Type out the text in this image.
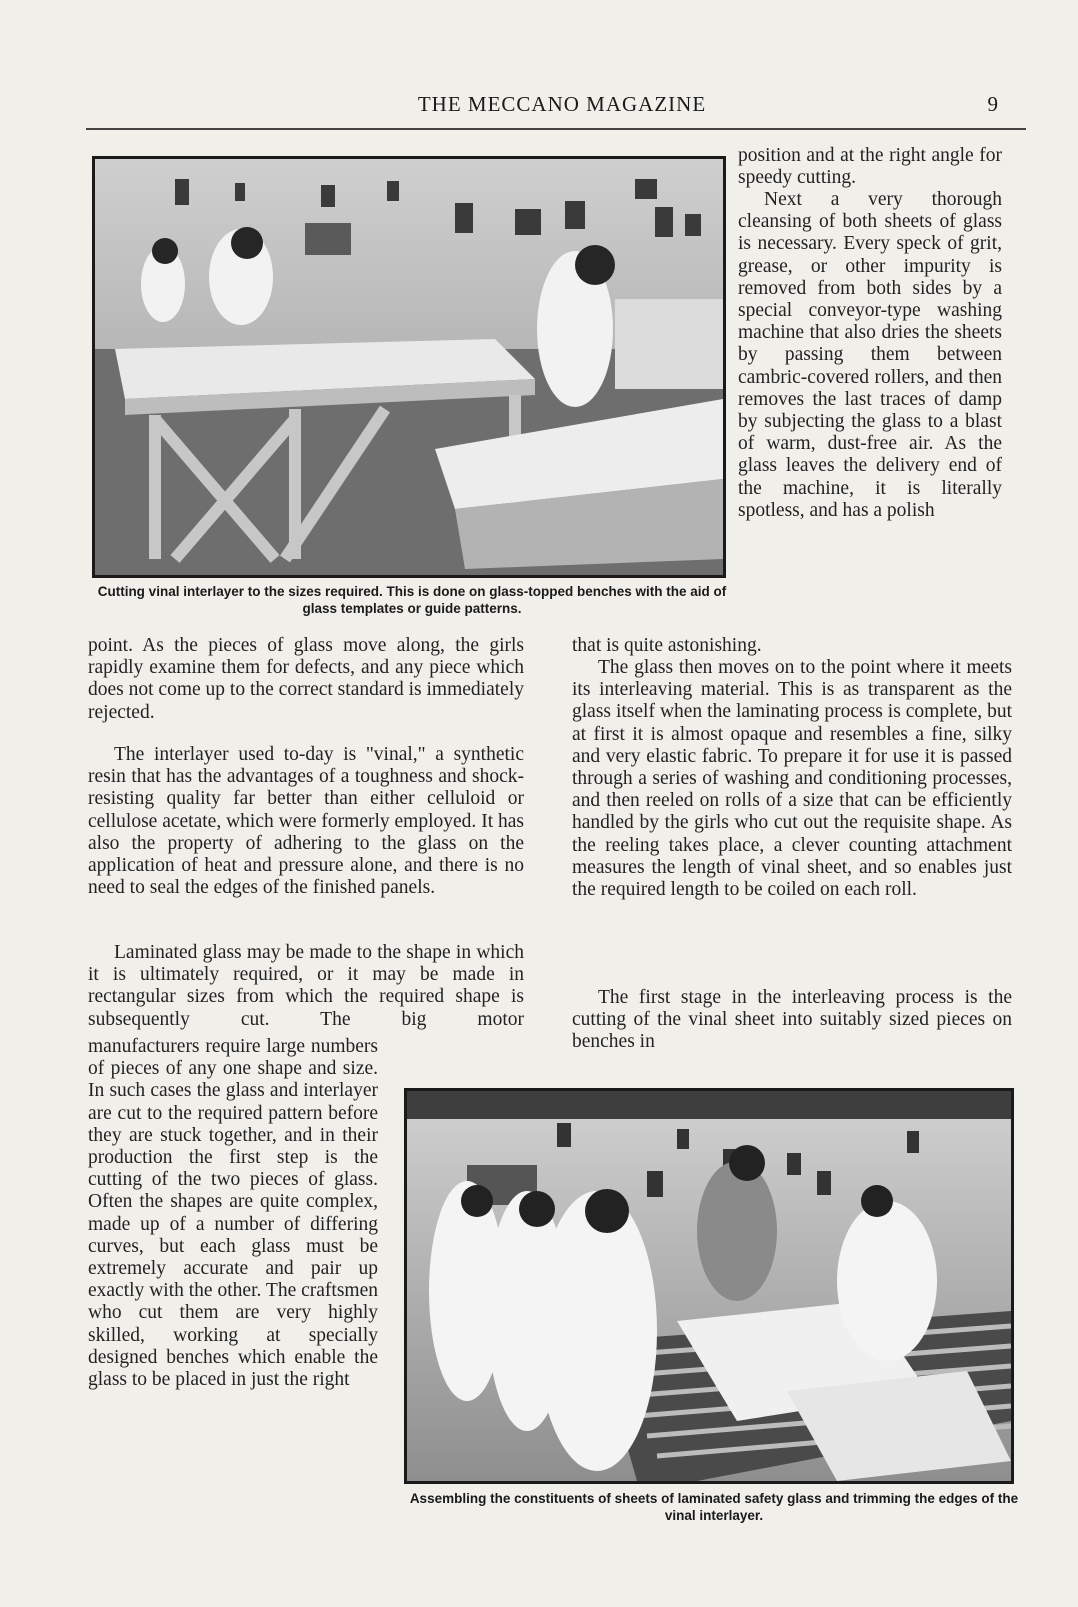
THE MECCANO MAGAZINE	9
Cutting vinal interlayer to the sizes required. This is done on glass-topped benches with the aid of glass templates or guide patterns.

position and at the right angle for speedy cutting.

Next a very thorough cleansing of both sheets of glass is necessary. Every speck of grit, grease, or other impurity is removed from both sides by a special conveyor-type washing machine that also dries the sheets by passing them between cambric-covered rollers, and then removes the last traces of damp by subjecting the glass to a blast of warm, dust-free air. As the glass leaves the delivery end of the machine, it is literally spotless, and has a polish

point. As the pieces of glass move along, the girls rapidly examine them for defects, and any piece which does not come up to the correct standard is immediately rejected.

The interlayer used to-day is "vinal," a synthetic resin that has the advantages of a toughness and shock-resisting quality far better than either celluloid or cellulose acetate, which were formerly employed. It has also the property of adhering to the glass on the application of heat and pressure alone, and there is no need to seal the edges of the finished panels.

Laminated glass may be made to the shape in which it is ultimately required, or it may be made in rectangular sizes from which the required shape is subsequently cut. The big motor

that is quite astonishing.

The glass then moves on to the point where it meets its interleaving material. This is as transparent as the glass itself when the laminating process is complete, but at first it is almost opaque and resembles a fine, silky and very elastic fabric. To prepare it for use it is passed through a series of washing and conditioning processes, and then reeled on rolls of a size that can be efficiently handled by the girls who cut out the requisite shape. As the reeling takes place, a clever counting attachment measures the length of vinal sheet, and so enables just the required length to be coiled on each roll.

The first stage in the interleaving process is the cutting of the vinal sheet into suitably sized pieces on benches in

Assembling the constituents of sheets of laminated safety glass and trimming the edges of the vinal interlayer.

manufacturers require large numbers of pieces of any one shape and size. In such cases the glass and interlayer are cut to the required pattern before they are stuck together, and in their production the first step is the cutting of the two pieces of glass. Often the shapes are quite complex, made up of a number of differing curves, but each glass must be extremely accurate and pair up exactly with the other. The craftsmen who cut them are very highly skilled, working at specially designed benches which enable the glass to be placed in just the right
